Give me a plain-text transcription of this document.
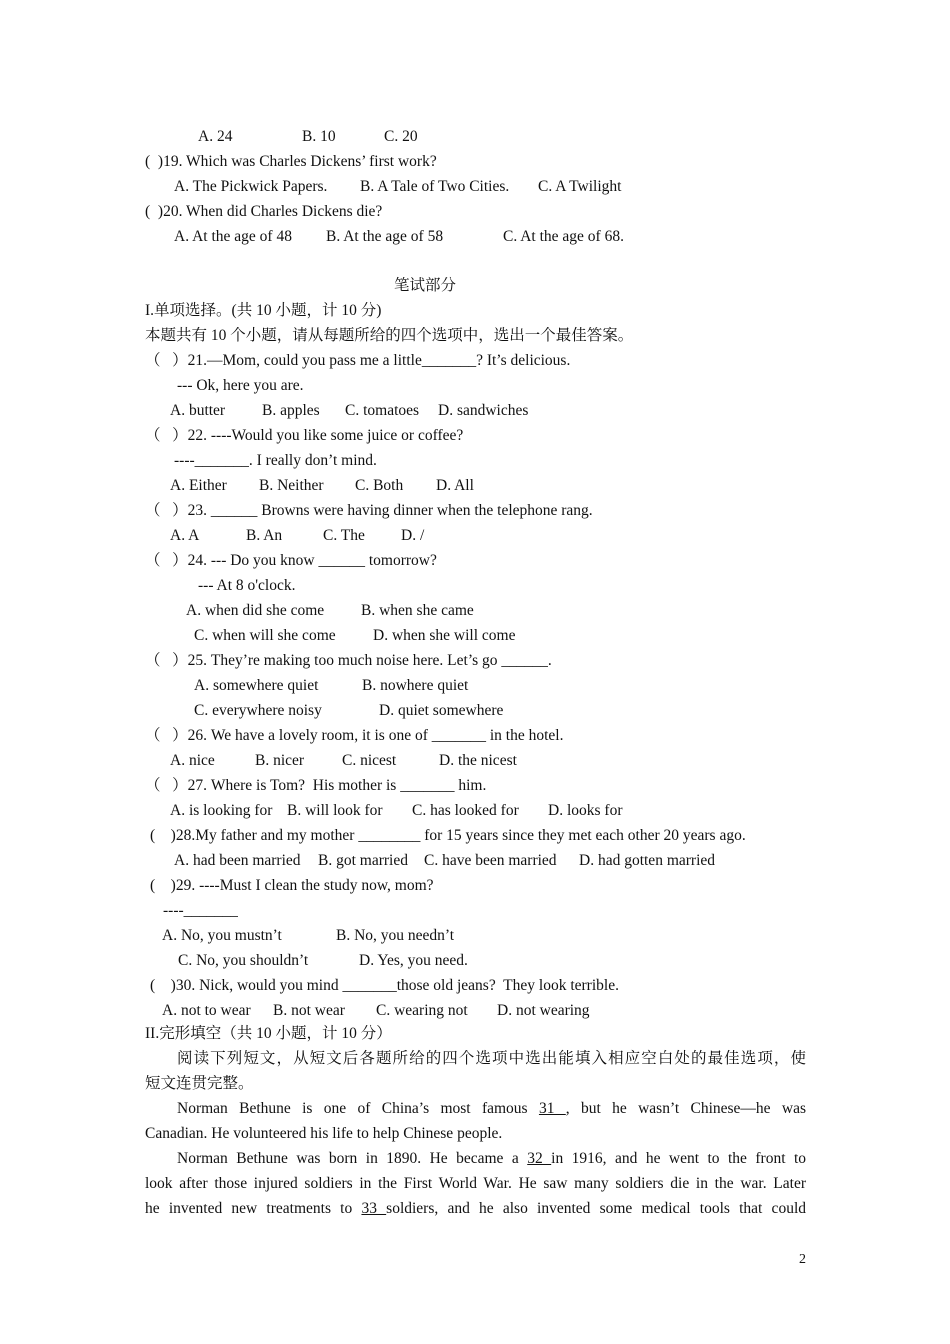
A. 24	B. 10	C. 20
(  )19. Which was Charles Dickens’ first work?
A. The Pickwick Papers. B. A Tale of Two Cities. C. A Twilight
(  )20. When did Charles Dickens die?
A. At the age of 48 B. At the age of 58	C. At the age of 68.
笔试部分
I.单项选择。(共 10 小题，计 10 分)
本题共有 10 个小题，请从每题所给的四个选项中，选出一个最佳答案。
（   ）21.—Mom, could you pass me a little_______? It’s delicious.
--- Ok, here you are.
A. butter B. apples C. tomatoes D. sandwiches
（   ）22. ----Would you like some juice or coffee?
----_______. I really don’t mind.
A. Either B. Neither C. Both D. All
（   ）23. ______ Browns were having dinner when the telephone rang.
A. A	B. An	C. The D. /
（   ）24. --- Do you know ______ tomorrow?
--- At 8 o'clock.
A. when did she come B. when she came
C. when will she come D. when she will come
（   ）25. They’re making too much noise here. Let’s go ______.
A. somewhere quiet	B. nowhere quiet
C. everywhere noisy	D. quiet somewhere
（   ）26. We have a lovely room, it is one of _______ in the hotel.
A. nice	B. nicer C. nicest	D. the nicest
（   ）27. Where is Tom?  His mother is _______ him.
A. is looking for B. will look for C. has looked for D. looks for
(    )28.My father and my mother ________ for 15 years since they met each other 20 years ago.
A. had been married B. got married C. have been married D. had gotten married
(    )29. ----Must I clean the study now, mom?
----_______
A. No, you mustn’t	B. No, you needn’t
C. No, you shouldn’t	D. Yes, you need.
(    )30. Nick, would you mind _______those old jeans?  They look terrible.
A. not to wear B. not wear C. wearing not D. not wearing
II.完形填空（共 10 小题，计 10 分）
阅读下列短文，从短文后各题所给的四个选项中选出能填入相应空白处的最佳选项，使
短文连贯完整。
Norman Bethune is one of China’s most famous 31 , but he wasn’t Chinese—he was
Canadian. He volunteered his life to help Chinese people.
Norman Bethune was born in 1890. He became a 32 in 1916, and he went to the front to
look after those injured soldiers in the First World War. He saw many soldiers die in the war. Later
he invented new treatments to 33 soldiers, and he also invented some medical tools that could
2
